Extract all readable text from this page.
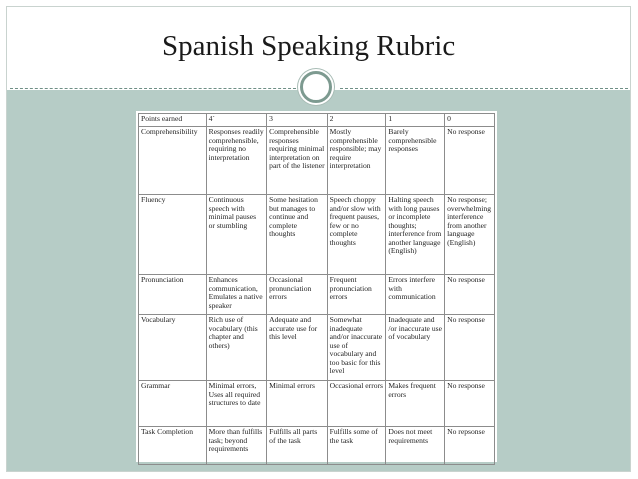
Spanish Speaking Rubric
Points earned	4`	3	2	1	0
Comprehensibility	Responses readily comprehensible, requiring no interpretation	Comprehensible responses requiring minimal interpretation on part of the listener	Mostly comprehensible responsible; may require interpretation	Barely comprehensible responses	No response
Fluency	Continuous speech with minimal pauses or stumbling	Some hesitation but manages to continue and complete thoughts	Speech choppy and/or slow with frequent pauses, few or no complete thoughts	Halting speech with long pauses or incomplete thoughts; interference from another language (English)	No response; overwhelming interference from another language (English)
Pronunciation	Enhances communication, Emulates a native speaker	Occasional pronunciation errors	Frequent pronunciation errors	Errors interfere with communication	No response
Vocabulary	Rich use of vocabulary (this chapter and others)	Adequate and accurate use for this level	Somewhat inadequate and/or inaccurate use of vocabulary and too basic for this level	Inadequate and /or inaccurate use of vocabulary	No response
Grammar	Minimal errors, Uses all required structures to date	Minimal errors	Occasional errors	Makes frequent errors	No response
Task Completion	More than fulfills task; beyond requirements	Fulfills all parts of the task	Fulfills some of the task	Does not meet requirements	No repsonse
